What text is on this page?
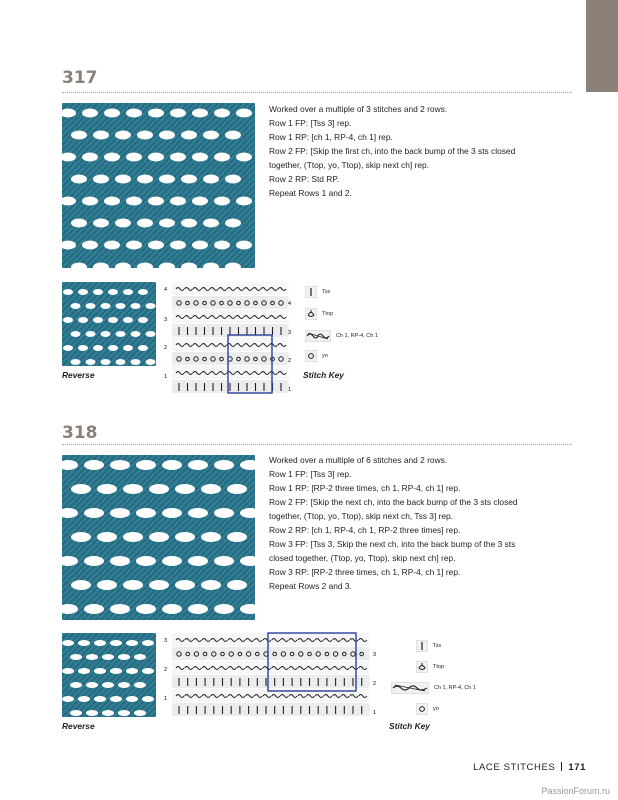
317
Worked over a multiple of 3 stitches and 2 rows.
Row 1 FP: [Tss 3] rep.
Row 1 RP: [ch 1, RP-4, ch 1] rep.
Row 2 FP: [Skip the first ch, into the back bump of the 3 sts closed together, (Ttop, yo, Ttop), skip next ch] rep.
Row 2 RP: Std RP.
Repeat Rows 1 and 2.
Reverse
4
4
3
3
2
2
1
1
Stitch Key
Tss
Ttop
Ch 1, RP-4, Ch 1
yo
318
Worked over a multiple of 6 stitches and 2 rows.
Row 1 FP: [Tss 3] rep.
Row 1 RP: [RP-2 three times, ch 1, RP-4, ch 1] rep.
Row 2 FP: [Skip the next ch, into the back bump of the 3 sts closed together, (Ttop, yo, Ttop), skip next ch, Tss 3] rep.
Row 2 RP: [ch 1, RP-4, ch 1, RP-2 three times] rep.
Row 3 FP: [Tss 3, Skip the next ch, into the back bump of the 3 sts closed together, (Ttop, yo, Ttop), skip next ch] rep.
Row 3 RP: [RP-2 three times, ch 1, RP-4, ch 1] rep.
Repeat Rows 2 and 3.
Reverse
3
3
2
2
1
1
Stitch Key
Tss
Ttop
Ch 1, RP-4, Ch 1
yo
LACE STITCHES 171
PassionForum.ru
